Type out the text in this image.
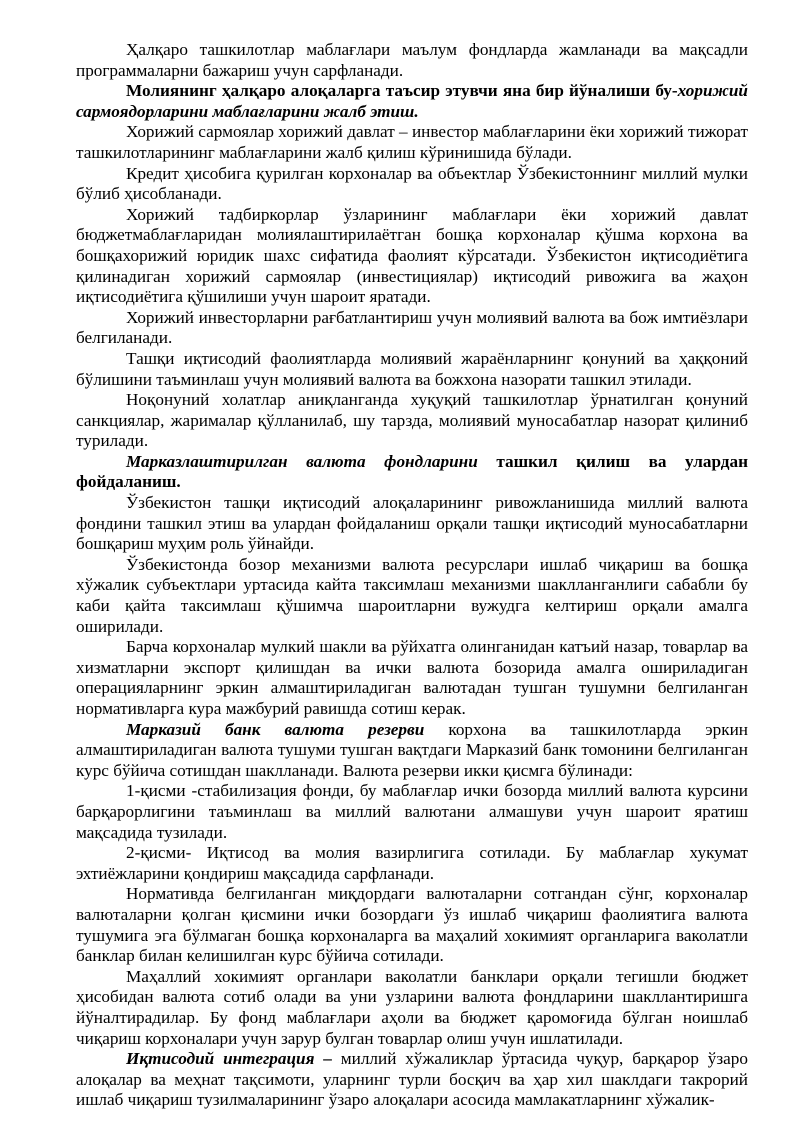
Ҳалқаро ташкилотлар маблағлари маълум фондларда жамланади ва мақсадли программаларни бажариш учун сарфланади.

Молиянинг ҳалқаро алоқаларга таъсир этувчи яна бир йўналиши бу-хорижий сармоядорларини маблағларини жалб этиш.

Хорижий сармоялар хорижий давлат – инвестор маблағларини ёки хорижий тижорат ташкилотларининг маблағларини жалб қилиш кўринишида бўлади.

Кредит ҳисобига қурилган корхоналар ва объектлар Ўзбекистоннинг миллий мулки бўлиб ҳисобланади.

Хорижий тадбиркорлар ўзларининг маблағлари ёки хорижий давлат бюджетмаблағларидан молиялаштирилаётган бошқа корхоналар қўшма корхона ва бошқахорижий юридик шахс сифатида фаолият кўрсатади. Ўзбекистон иқтисодиётига қилинадиган хорижий сармоялар (инвестициялар) иқтисодий ривожига ва жаҳон иқтисодиётига қўшилиши учун шароит яратади.

Хорижий инвесторларни рағбатлантириш учун молиявий валюта ва бож имтиёзлари белгиланади.

Ташқи иқтисодий фаолиятларда молиявий жараёнларнинг қонуний ва ҳаққоний бўлишини таъминлаш учун молиявий валюта ва божхона назорати ташкил этилади.

Ноқонуний холатлар аниқланганда хуқуқий ташкилотлар ўрнатилган қонуний санкциялар, жарималар қўлланилаб, шу тарзда, молиявий муносабатлар назорат қилиниб турилади.

Марказлаштирилган валюта фондларини ташкил қилиш ва улардан фойдаланиш.

Ўзбекистон ташқи иқтисодий алоқаларининг ривожланишида миллий валюта фондини ташкил этиш ва улардан фойдаланиш орқали ташқи иқтисодий муносабатларни бошқариш муҳим роль ўйнайди.

Ўзбекистонда бозор механизми валюта ресурслари ишлаб чиқариш ва бошқа хўжалик субъектлари уртасида кайта таксимлаш механизми шаклланганлиги сабабли бу каби қайта таксимлаш қўшимча шароитларни вужудга келтириш орқали амалга оширилади.

Барча корхоналар мулкий шакли ва рўйхатга олинганидан катъий назар, товарлар ва хизматларни экспорт қилишдан ва ички валюта бозорида амалга ошириладиган операцияларнинг эркин алмаштириладиган валютадан тушган тушумни белгиланган нормативларга кура мажбурий равишда сотиш керак.

Марказий банк валюта резерви корхона ва ташкилотларда эркин алмаштириладиган валюта тушуми тушган вақтдаги Марказий банк томонини белгиланган курс бўйича сотишдан шаклланади. Валюта резерви икки қисмга бўлинади:

1-қисми -стабилизация фонди, бу маблағлар ички бозорда миллий валюта курсини барқарорлигини таъминлаш ва миллий валютани алмашуви учун шароит яратиш мақсадида тузилади.

2-қисми- Иқтисод ва молия вазирлигига сотилади. Бу маблағлар хукумат эхтиёжларини қондириш мақсадида сарфланади.

Нормативда белгиланган миқдордаги валюталарни сотгандан сўнг, корхоналар валюталарни қолган қисмини ички бозордаги ўз ишлаб чиқариш фаолиятига валюта тушумига эга бўлмаган бошқа корхоналарга ва маҳалий хокимият органларига ваколатли банклар билан келишилган курс бўйича сотилади.

Маҳаллий хокимият органлари ваколатли банклари орқали тегишли бюджет ҳисобидан валюта сотиб олади ва уни узларини валюта фондларини шакллантиришга йўналтирадилар. Бу фонд маблағлари аҳоли ва бюджет қаромоғида бўлган ноишлаб чиқариш корхоналари учун зарур булган товарлар олиш учун ишлатилади.

Иқтисодий интеграция – миллий хўжаликлар ўртасида чуқур, барқарор ўзаро алоқалар ва меҳнат тақсимоти, уларнинг турли босқич ва ҳар хил шаклдаги такрорий ишлаб чиқариш тузилмаларининг ўзаро алоқалари асосида мамлакатларнинг хўжалик-
